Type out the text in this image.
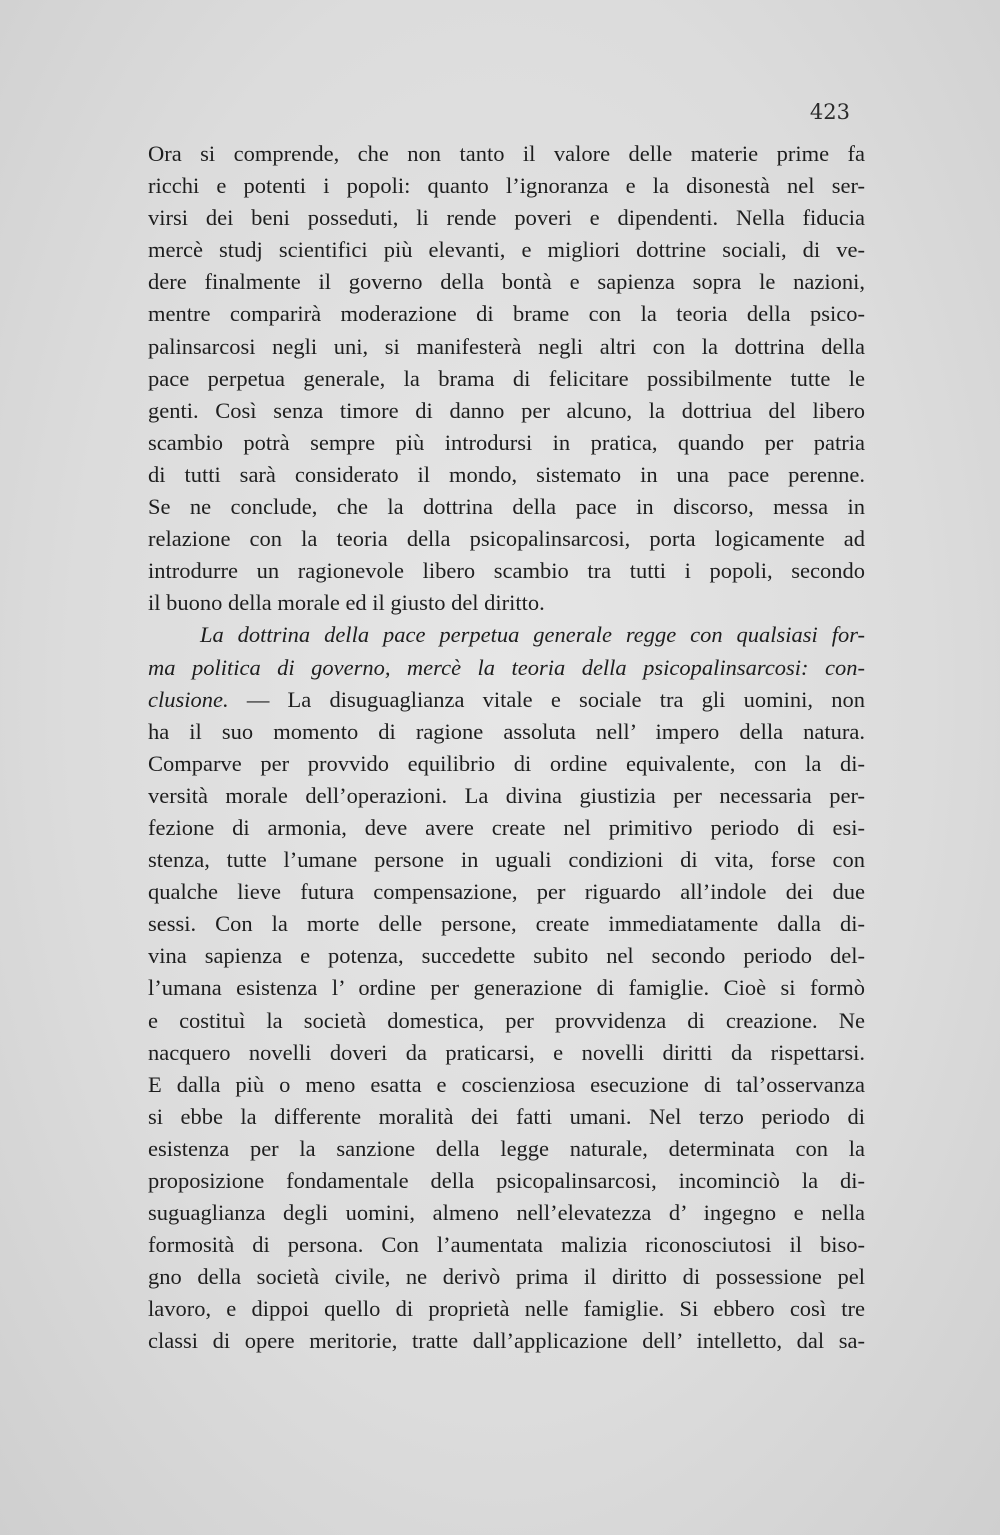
423
Ora si comprende, che non tanto il valore delle materie prime fa
ricchi e potenti i popoli: quanto l’ignoranza e la disonestà nel ser-
virsi dei beni posseduti, li rende poveri e dipendenti. Nella fiducia
mercè studj scientifici più elevanti, e migliori dottrine sociali, di ve-
dere finalmente il governo della bontà e sapienza sopra le nazioni,
mentre comparirà moderazione di brame con la teoria della psico-
palinsarcosi negli uni, si manifesterà negli altri con la dottrina della
pace perpetua generale, la brama di felicitare possibilmente tutte le
genti. Così senza timore di danno per alcuno, la dottriua del libero
scambio potrà sempre più introdursi in pratica, quando per patria
di tutti sarà considerato il mondo, sistemato in una pace perenne.
Se ne conclude, che la dottrina della pace in discorso, messa in
relazione con la teoria della psicopalinsarcosi, porta logicamente ad
introdurre un ragionevole libero scambio tra tutti i popoli, secondo
il buono della morale ed il giusto del diritto.
La dottrina della pace perpetua generale regge con qualsiasi for-
ma politica di governo, mercè la teoria della psicopalinsarcosi: con-
clusione. — La disuguaglianza vitale e sociale tra gli uomini, non
ha il suo momento di ragione assoluta nell’ impero della natura.
Comparve per provvido equilibrio di ordine equivalente, con la di-
versità morale dell’operazioni. La divina giustizia per necessaria per-
fezione di armonia, deve avere create nel primitivo periodo di esi-
stenza, tutte l’umane persone in uguali condizioni di vita, forse con
qualche lieve futura compensazione, per riguardo all’indole dei due
sessi. Con la morte delle persone, create immediatamente dalla di-
vina sapienza e potenza, succedette subito nel secondo periodo del-
l’umana esistenza l’ ordine per generazione di famiglie. Cioè si formò
e costituì la società domestica, per provvidenza di creazione. Ne
nacquero novelli doveri da praticarsi, e novelli diritti da rispettarsi.
E dalla più o meno esatta e coscienziosa esecuzione di tal’osservanza
si ebbe la differente moralità dei fatti umani. Nel terzo periodo di
esistenza per la sanzione della legge naturale, determinata con la
proposizione fondamentale della psicopalinsarcosi, incominciò la di-
suguaglianza degli uomini, almeno nell’elevatezza d’ ingegno e nella
formosità di persona. Con l’aumentata malizia riconosciutosi il biso-
gno della società civile, ne derivò prima il diritto di possessione pel
lavoro, e dippoi quello di proprietà nelle famiglie. Si ebbero così tre
classi di opere meritorie, tratte dall’applicazione dell’ intelletto, dal sa-
